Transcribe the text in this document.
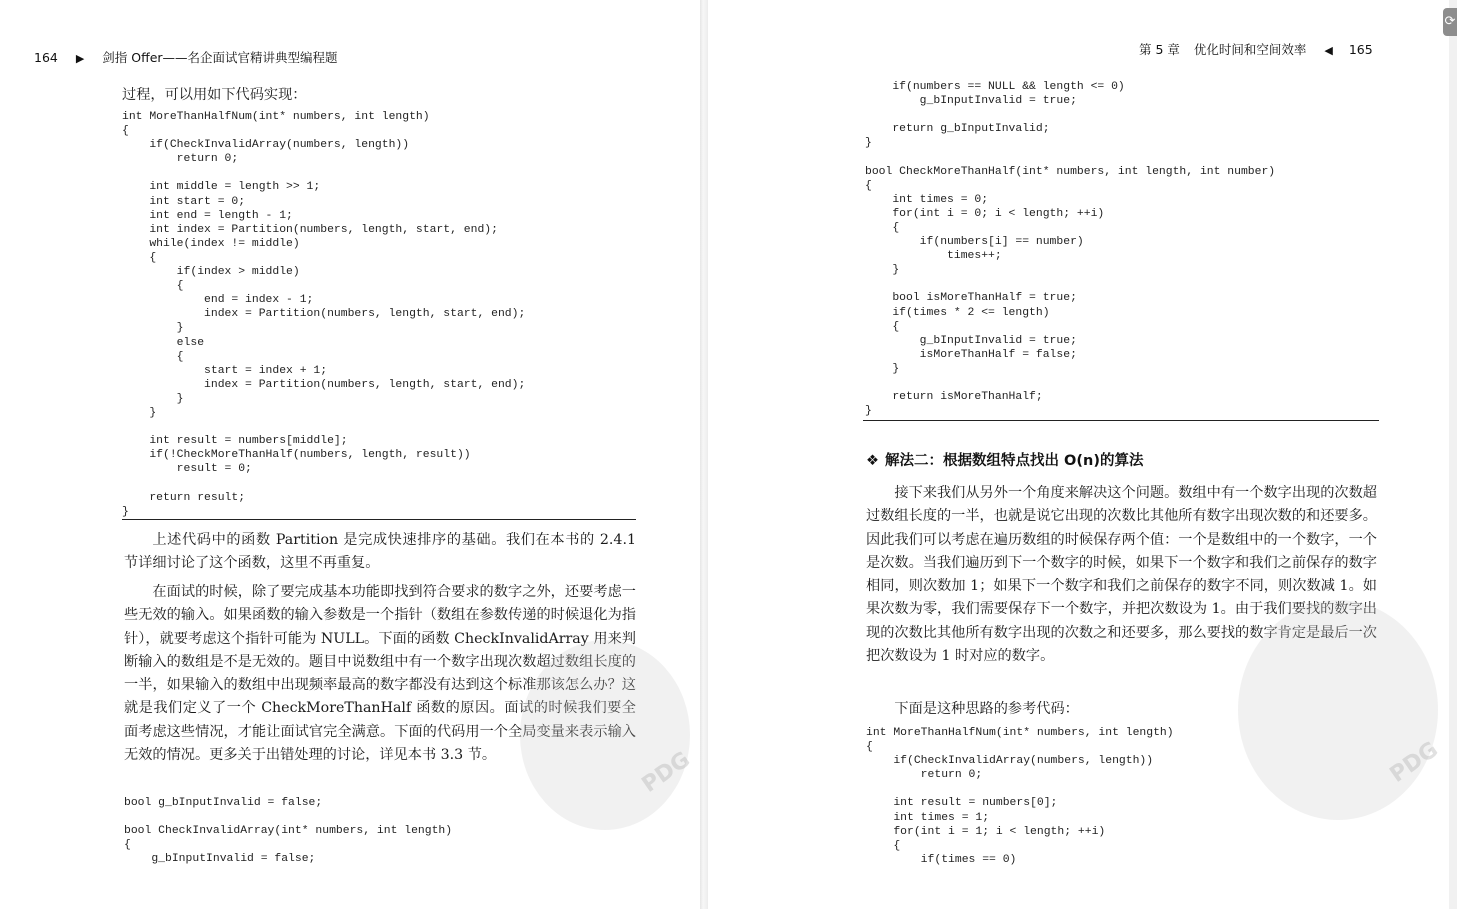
164 ▶ 剑指 Offer——名企面试官精讲典型编程题
过程，可以用如下代码实现：
int MoreThanHalfNum(int* numbers, int length)
{
if(CheckInvalidArray(numbers, length))
return 0;

int middle = length >> 1;
int start = 0;
int end = length - 1;
int index = Partition(numbers, length, start, end);
while(index != middle)
{
if(index > middle)
{
end = index - 1;
index = Partition(numbers, length, start, end);
}
else
{
start = index + 1;
index = Partition(numbers, length, start, end);
}
}

int result = numbers[middle];
if(!CheckMoreThanHalf(numbers, length, result))
result = 0;

return result;
}

上述代码中的函数 Partition 是完成快速排序的基础。我们在本书的 2.4.1 节详细讨论了这个函数，这里不再重复。

在面试的时候，除了要完成基本功能即找到符合要求的数字之外，还要考虑一些无效的输入。如果函数的输入参数是一个指针（数组在参数传递的时候退化为指针），就要考虑这个指针可能为 NULL。下面的函数 CheckInvalidArray 用来判断输入的数组是不是无效的。题目中说数组中有一个数字出现次数超过数组长度的一半，如果输入的数组中出现频率最高的数字都没有达到这个标准那该怎么办？这就是我们定义了一个 CheckMoreThanHalf 函数的原因。面试的时候我们要全面考虑这些情况，才能让面试官完全满意。下面的代码用一个全局变量来表示输入无效的情况。更多关于出错处理的讨论，详见本书 3.3 节。

bool g_bInputInvalid = false;

bool CheckInvalidArray(int* numbers, int length)
{
g_bInputInvalid = false;
PDG
第 5 章 优化时间和空间效率 ◀ 165
if(numbers == NULL && length <= 0)
g_bInputInvalid = true;

return g_bInputInvalid;
}

bool CheckMoreThanHalf(int* numbers, int length, int number)
{
int times = 0;
for(int i = 0; i < length; ++i)
{
if(numbers[i] == number)
times++;
}

bool isMoreThanHalf = true;
if(times * 2 <= length)
{
g_bInputInvalid = true;
isMoreThanHalf = false;
}

return isMoreThanHalf;
}
❖ 解法二：根据数组特点找出 O(n)的算法

接下来我们从另外一个角度来解决这个问题。数组中有一个数字出现的次数超过数组长度的一半，也就是说它出现的次数比其他所有数字出现次数的和还要多。因此我们可以考虑在遍历数组的时候保存两个值：一个是数组中的一个数字，一个是次数。当我们遍历到下一个数字的时候，如果下一个数字和我们之前保存的数字相同，则次数加 1；如果下一个数字和我们之前保存的数字不同，则次数减 1。如果次数为零，我们需要保存下一个数字，并把次数设为 1。由于我们要找的数字出现的次数比其他所有数字出现的次数之和还要多，那么要找的数字肯定是最后一次把次数设为 1 时对应的数字。

下面是这种思路的参考代码：

int MoreThanHalfNum(int* numbers, int length)
{
if(CheckInvalidArray(numbers, length))
return 0;

int result = numbers[0];
int times = 1;
for(int i = 1; i < length; ++i)
{
if(times == 0)
PDG
⟳
